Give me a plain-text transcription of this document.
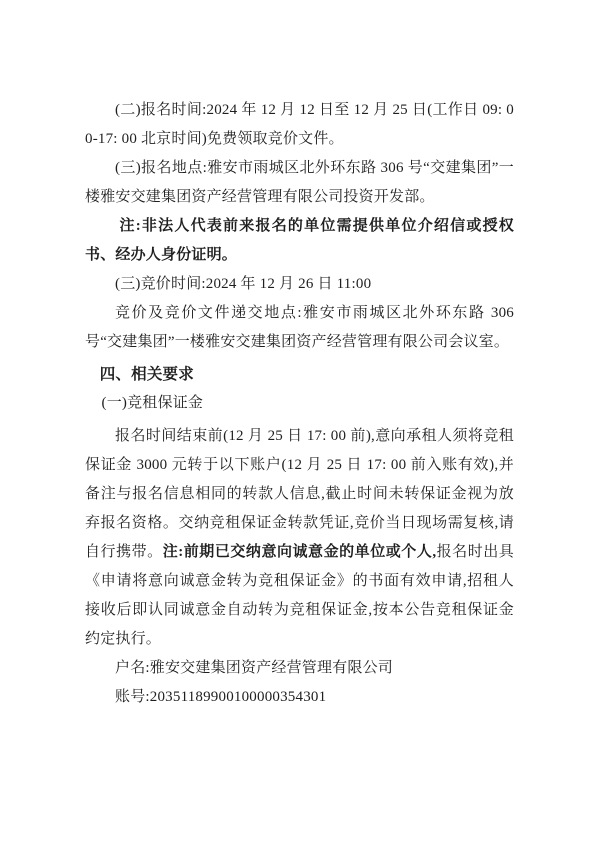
(二)报名时间:2024 年 12 月 12 日至 12 月 25 日(工作日 09: 00-17: 00 北京时间)免费领取竞价文件。

(三)报名地点:雅安市雨城区北外环东路 306 号“交建集团”一楼雅安交建集团资产经营管理有限公司投资开发部。

注:非法人代表前来报名的单位需提供单位介绍信或授权书、经办人身份证明。

(三)竞价时间:2024 年 12 月 26 日 11:00

竞价及竞价文件递交地点:雅安市雨城区北外环东路 306 号“交建集团”一楼雅安交建集团资产经营管理有限公司会议室。

四、相关要求

(一)竞租保证金

报名时间结束前(12 月 25 日 17: 00 前),意向承租人须将竞租保证金 3000 元转于以下账户(12 月 25 日 17: 00 前入账有效),并备注与报名信息相同的转款人信息,截止时间未转保证金视为放弃报名资格。交纳竞租保证金转款凭证,竞价当日现场需复核,请自行携带。注:前期已交纳意向诚意金的单位或个人,报名时出具《申请将意向诚意金转为竞租保证金》的书面有效申请,招租人接收后即认同诚意金自动转为竞租保证金,按本公告竞租保证金约定执行。

户名:雅安交建集团资产经营管理有限公司

账号:20351189900100000354301
